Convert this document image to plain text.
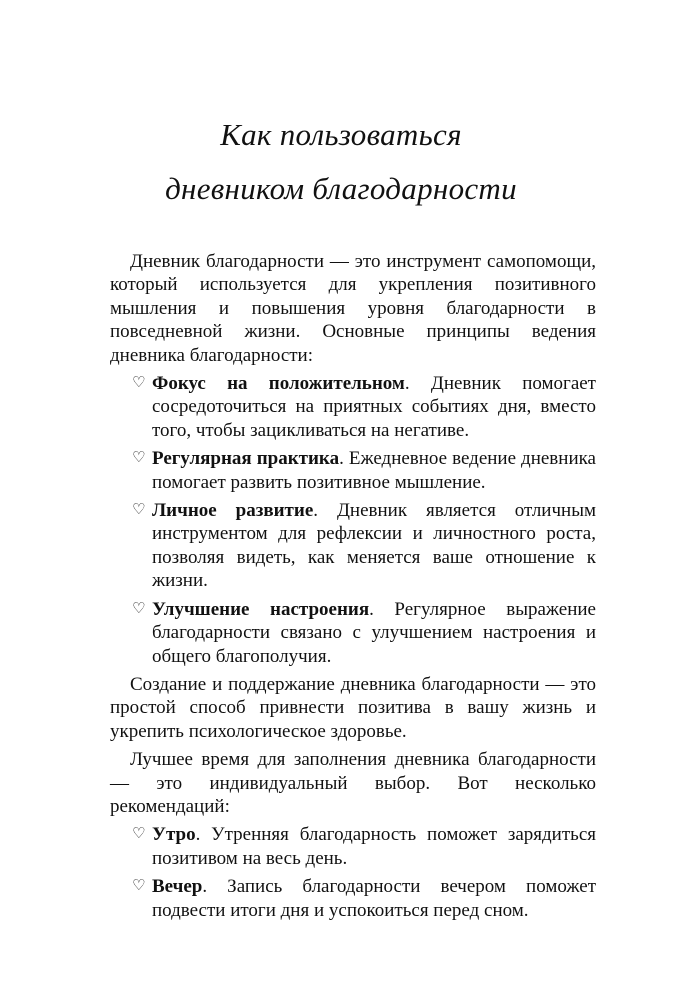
Как пользоваться
дневником благодарности

Дневник благодарности — это инструмент самопомощи, который используется для укрепления позитивного мышления и повышения уровня благодарности в повседневной жизни. Основные принципы ведения дневника благодарности:

♡ Фокус на положительном. Дневник помогает сосредоточиться на приятных событиях дня, вместо того, чтобы зацикливаться на негативе.
♡ Регулярная практика. Ежедневное ведение дневника помогает развить позитивное мышление.
♡ Личное развитие. Дневник является отличным инструментом для рефлексии и личностного роста, позволяя видеть, как меняется ваше отношение к жизни.
♡ Улучшение настроения. Регулярное выражение благодарности связано с улучшением настроения и общего благополучия.

Создание и поддержание дневника благодарности — это простой способ привнести позитива в вашу жизнь и укрепить психологическое здоровье.

Лучшее время для заполнения дневника благодарности — это индивидуальный выбор. Вот несколько рекомендаций:

♡ Утро. Утренняя благодарность поможет зарядиться позитивом на весь день.
♡ Вечер. Запись благодарности вечером поможет подвести итоги дня и успокоиться перед сном.
